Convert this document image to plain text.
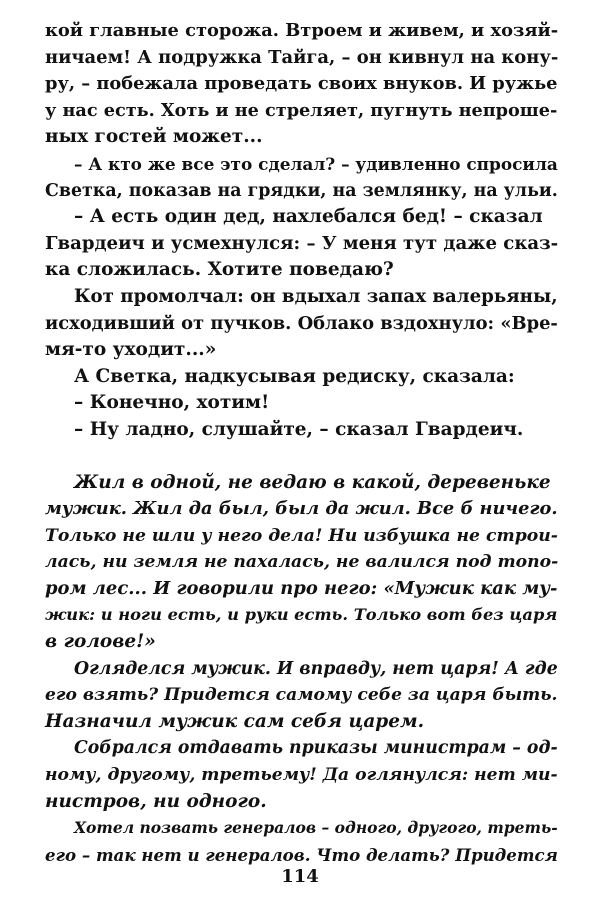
кой главные сторожа. Втроем и живем, и хозяй-
ничаем! А подружка Тайга, – он кивнул на кону-
ру, – побежала проведать своих внуков. И ружье
у нас есть. Хоть и не стреляет, пугнуть непроше-
ных гостей может...
– А кто же все это сделал? – удивленно спросила
Светка, показав на грядки, на землянку, на ульи.
– А есть один дед, нахлебался бед! – сказал
Гвардеич и усмехнулся: – У меня тут даже сказ-
ка сложилась. Хотите поведаю?
Кот промолчал: он вдыхал запах валерьяны,
исходивший от пучков. Облако вздохнуло: «Вре-
мя-то уходит...»
А Светка, надкусывая редиску, сказала:
– Конечно, хотим!
– Ну ладно, слушайте, – сказал Гвардеич.
Жил в одной, не ведаю в какой, деревеньке
мужик. Жил да был, был да жил. Все б ничего.
Только не шли у него дела! Ни избушка не строи-
лась, ни земля не пахалась, не валился под топо-
ром лес... И говорили про него: «Мужик как му-
жик: и ноги есть, и руки есть. Только вот без царя
в голове!»
Огляделся мужик. И вправду, нет царя! А где
его взять? Придется самому себе за царя быть.
Назначил мужик сам себя царем.
Собрался отдавать приказы министрам – од-
ному, другому, третьему! Да оглянулся: нет ми-
нистров, ни одного.
Хотел позвать генералов – одного, другого, треть-
его – так нет и генералов. Что делать? Придется
114
